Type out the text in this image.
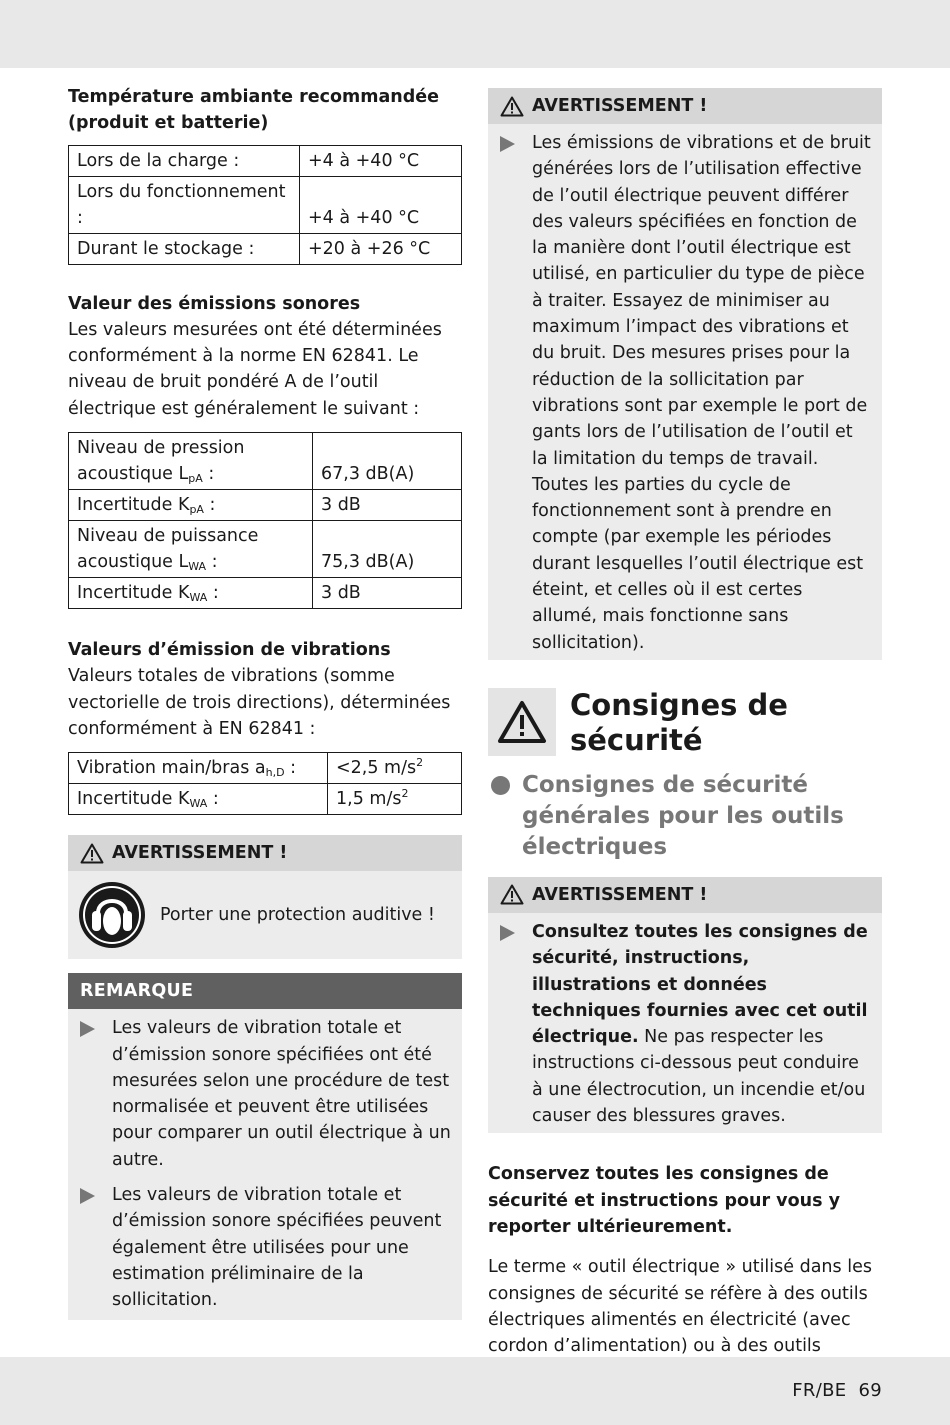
Température ambiante recommandée (produit et batterie)
Lors de la charge :	+4 à +40 °C
Lors du fonctionnement :	+4 à +40 °C
Durant le stockage :	+20 à +26 °C
Valeur des émissions sonores
Les valeurs mesurées ont été déterminées conformément à la norme EN 62841. Le niveau de bruit pondéré A de l’outil électrique est généralement le suivant :
Niveau de pression
acoustique $L_{pA}$ :	67,3 dB(A)
Incertitude $K_{pA}$ :	3 dB
Niveau de puissance
acoustique $L_{WA}$ :	75,3 dB(A)
Incertitude $K_{WA}$ :	3 dB
Valeurs d’émission de vibrations
Valeurs totales de vibrations (somme vectorielle de trois directions), déterminées conformément à EN 62841 :
Vibration main/bras $a_{h,D}$ :	<2,5 $m/s^2$
Incertitude $K_{WA}$ :	1,5 $m/s^2$
AVERTISSEMENT !
Porter une protection auditive !
REMARQUE
Les valeurs de vibration totale et d’émission sonore spécifiées ont été mesurées selon une procédure de test normalisée et peuvent être utilisées pour comparer un outil électrique à un autre.
Les valeurs de vibration totale et d’émission sonore spécifiées peuvent également être utilisées pour une estimation préliminaire de la sollicitation.
AVERTISSEMENT !
Les émissions de vibrations et de bruit générées lors de l’utilisation effective de l’outil électrique peuvent différer des valeurs spécifiées en fonction de la manière dont l’outil électrique est utilisé, en particulier du type de pièce à traiter. Essayez de minimiser au maximum l’impact des vibrations et du bruit. Des mesures prises pour la réduction de la sollicitation par vibrations sont par exemple le port de gants lors de l’utilisation de l’outil et la limitation du temps de travail. Toutes les parties du cycle de fonctionnement sont à prendre en compte (par exemple les périodes durant lesquelles l’outil électrique est éteint, et celles où il est certes allumé, mais fonctionne sans sollicitation).
Consignes de sécurité
Consignes de sécurité générales pour les outils électriques
AVERTISSEMENT !
Consultez toutes les consignes de sécurité, instructions, illustrations et données techniques fournies avec cet outil électrique. Ne pas respecter les instructions ci-dessous peut conduire à une électrocution, un incendie et/ou causer des blessures graves.
Conservez toutes les consignes de sécurité et instructions pour vous y reporter ultérieurement.
Le terme « outil électrique » utilisé dans les consignes de sécurité se réfère à des outils électriques alimentés en électricité (avec cordon d’alimentation) ou à des outils
FR/BE 69
